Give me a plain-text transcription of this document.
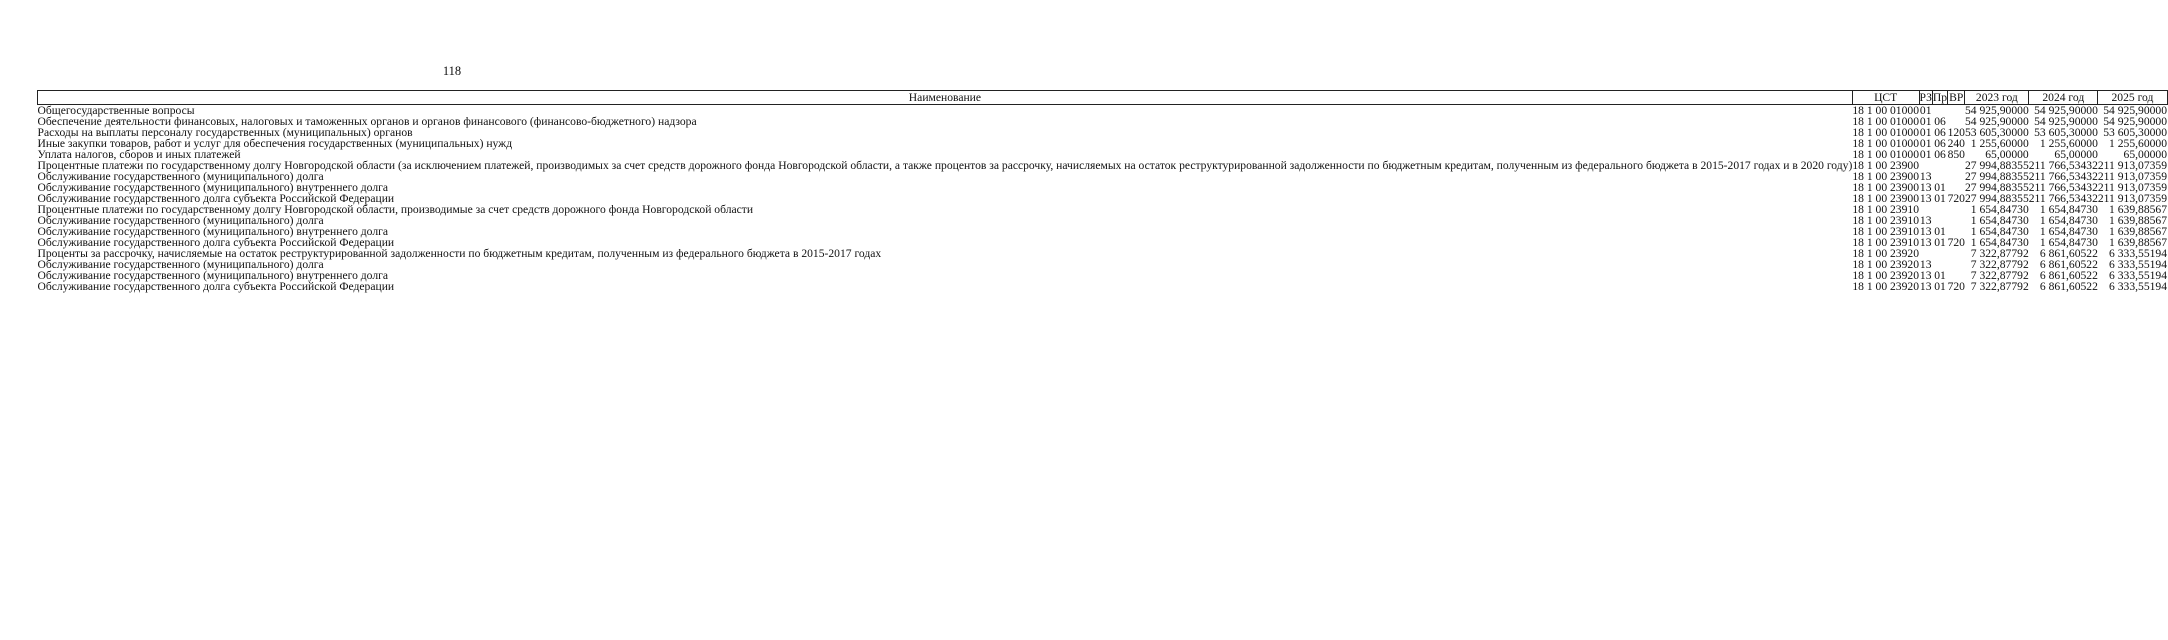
118
Наименование	ЦСТ	РЗ	Пр	ВР	2023 год	2024 год	2025 год
Общегосударственные вопросы	18 1 00 01000	01			54 925,90000	54 925,90000	54 925,90000
Обеспечение деятельности финансовых, налоговых и таможенных органов и органов финансового (финансово-бюджетного) надзора	18 1 00 01000	01	06		54 925,90000	54 925,90000	54 925,90000
Расходы на выплаты персоналу государственных (муниципальных) органов	18 1 00 01000	01	06	120	53 605,30000	53 605,30000	53 605,30000
Иные закупки товаров, работ и услуг для обеспечения государственных (муниципальных) нужд	18 1 00 01000	01	06	240	1 255,60000	1 255,60000	1 255,60000
Уплата налогов, сборов и иных платежей	18 1 00 01000	01	06	850	65,00000	65,00000	65,00000
Процентные платежи по государственному долгу Новгородской области (за исключением платежей, производимых за счет средств дорожного фонда Новгородской области, а также процентов за рассрочку, начисляемых на остаток реструктурированной задолженности по бюджетным кредитам, полученным из федерального бюджета в 2015-2017 годах и в 2020 году)	18 1 00 23900				27 994,88355	211 766,53432	211 913,07359
Обслуживание государственного (муниципального) долга	18 1 00 23900	13			27 994,88355	211 766,53432	211 913,07359
Обслуживание государственного (муниципального) внутреннего долга	18 1 00 23900	13	01		27 994,88355	211 766,53432	211 913,07359
Обслуживание государственного долга субъекта Российской Федерации	18 1 00 23900	13	01	720	27 994,88355	211 766,53432	211 913,07359
Процентные платежи по государственному долгу Новгородской области, производимые за счет средств дорожного фонда Новгородской области	18 1 00 23910				1 654,84730	1 654,84730	1 639,88567
Обслуживание государственного (муниципального) долга	18 1 00 23910	13			1 654,84730	1 654,84730	1 639,88567
Обслуживание государственного (муниципального) внутреннего долга	18 1 00 23910	13	01		1 654,84730	1 654,84730	1 639,88567
Обслуживание государственного долга субъекта Российской Федерации	18 1 00 23910	13	01	720	1 654,84730	1 654,84730	1 639,88567
Проценты за рассрочку, начисляемые на остаток реструктурированной задолженности по бюджетным кредитам, полученным из федерального бюджета в 2015-2017 годах	18 1 00 23920				7 322,87792	6 861,60522	6 333,55194
Обслуживание государственного (муниципального) долга	18 1 00 23920	13			7 322,87792	6 861,60522	6 333,55194
Обслуживание государственного (муниципального) внутреннего долга	18 1 00 23920	13	01		7 322,87792	6 861,60522	6 333,55194
Обслуживание государственного долга субъекта Российской Федерации	18 1 00 23920	13	01	720	7 322,87792	6 861,60522	6 333,55194
